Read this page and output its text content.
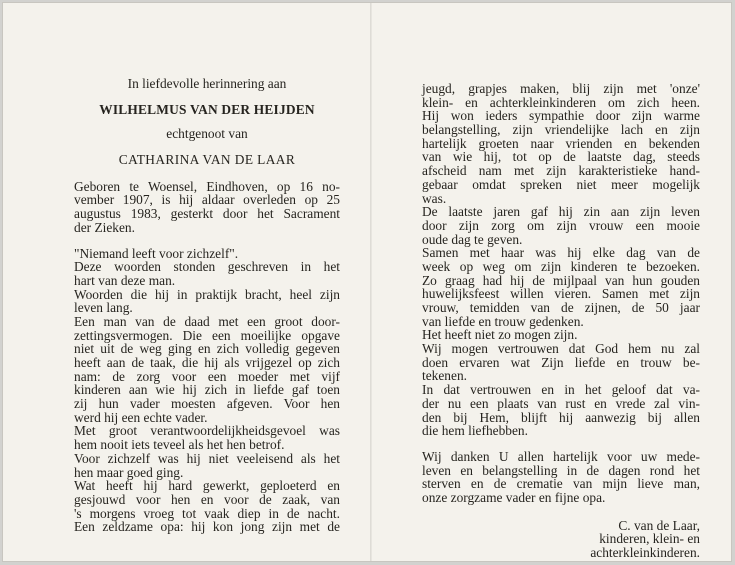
In liefdevolle herinnering aan
WILHELMUS VAN DER HEIJDEN
echtgenoot van
CATHARINA VAN DE LAAR
Geboren te Woensel, Eindhoven, op 16 no-
vember 1907, is hij aldaar overleden op 25
augustus 1983, gesterkt door het Sacrament
der Zieken.
"Niemand leeft voor zichzelf".
Deze woorden stonden geschreven in het
hart van deze man.
Woorden die hij in praktijk bracht, heel zijn
leven lang.
Een man van de daad met een groot door-
zettingsvermogen. Die een moeilijke opgave
niet uit de weg ging en zich volledig gegeven
heeft aan de taak, die hij als vrijgezel op zich
nam: de zorg voor een moeder met vijf
kinderen aan wie hij zich in liefde gaf toen
zij hun vader moesten afgeven. Voor hen
werd hij een echte vader.
Met groot verantwoordelijkheidsgevoel was
hem nooit iets teveel als het hen betrof.
Voor zichzelf was hij niet veeleisend als het
hen maar goed ging.
Wat heeft hij hard gewerkt, geploeterd en
gesjouwd voor hen en voor de zaak, van
's morgens vroeg tot vaak diep in de nacht.
Een zeldzame opa: hij kon jong zijn met de
jeugd, grapjes maken, blij zijn met 'onze'
klein- en achterkleinkinderen om zich heen.
Hij won ieders sympathie door zijn warme
belangstelling, zijn vriendelijke lach en zijn
hartelijk groeten naar vrienden en bekenden
van wie hij, tot op de laatste dag, steeds
afscheid nam met zijn karakteristieke hand-
gebaar omdat spreken niet meer mogelijk
was.
De laatste jaren gaf hij zin aan zijn leven
door zijn zorg om zijn vrouw een mooie
oude dag te geven.
Samen met haar was hij elke dag van de
week op weg om zijn kinderen te bezoeken.
Zo graag had hij de mijlpaal van hun gouden
huwelijksfeest willen vieren. Samen met zijn
vrouw, temidden van de zijnen, de 50 jaar
van liefde en trouw gedenken.
Het heeft niet zo mogen zijn.
Wij mogen vertrouwen dat God hem nu zal
doen ervaren wat Zijn liefde en trouw be-
tekenen.
In dat vertrouwen en in het geloof dat va-
der nu een plaats van rust en vrede zal vin-
den bij Hem, blijft hij aanwezig bij allen
die hem liefhebben.
Wij danken U allen hartelijk voor uw mede-
leven en belangstelling in de dagen rond het
sterven en de crematie van mijn lieve man,
onze zorgzame vader en fijne opa.
C. van de Laar,
kinderen, klein- en
achterkleinkinderen.
